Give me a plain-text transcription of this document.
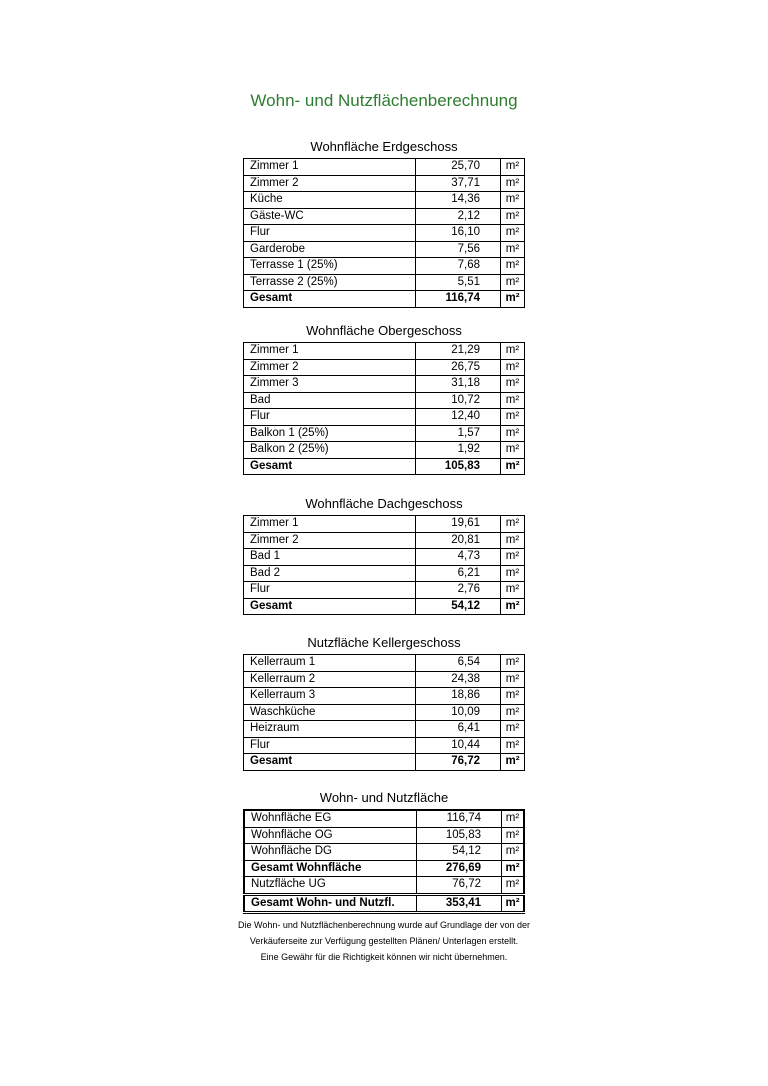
Wohn- und Nutzflächenberechnung
Wohnfläche Erdgeschoss
Zimmer 1	25,70	m²
Zimmer 2	37,71	m²
Küche	14,36	m²
Gäste-WC	2,12	m²
Flur	16,10	m²
Garderobe	7,56	m²
Terrasse 1 (25%)	7,68	m²
Terrasse 2 (25%)	5,51	m²
Gesamt	116,74	m²
Wohnfläche Obergeschoss
Zimmer 1	21,29	m²
Zimmer 2	26,75	m²
Zimmer 3	31,18	m²
Bad	10,72	m²
Flur	12,40	m²
Balkon 1 (25%)	1,57	m²
Balkon 2 (25%)	1,92	m²
Gesamt	105,83	m²
Wohnfläche Dachgeschoss
Zimmer 1	19,61	m²
Zimmer 2	20,81	m²
Bad 1	4,73	m²
Bad 2	6,21	m²
Flur	2,76	m²
Gesamt	54,12	m²
Nutzfläche Kellergeschoss
Kellerraum 1	6,54	m²
Kellerraum 2	24,38	m²
Kellerraum 3	18,86	m²
Waschküche	10,09	m²
Heizraum	6,41	m²
Flur	10,44	m²
Gesamt	76,72	m²
Wohn- und Nutzfläche
Wohnfläche EG	116,74	m²
Wohnfläche OG	105,83	m²
Wohnfläche DG	54,12	m²
Gesamt Wohnfläche	276,69	m²
Nutzfläche UG	76,72	m²
Gesamt Wohn- und Nutzfl.	353,41	m²
Die Wohn- und Nutzflächenberechnung wurde auf Grundlage der von der
Verkäuferseite zur Verfügung gestellten Plänen/ Unterlagen erstellt.
Eine Gewähr für die Richtigkeit können wir nicht übernehmen.
